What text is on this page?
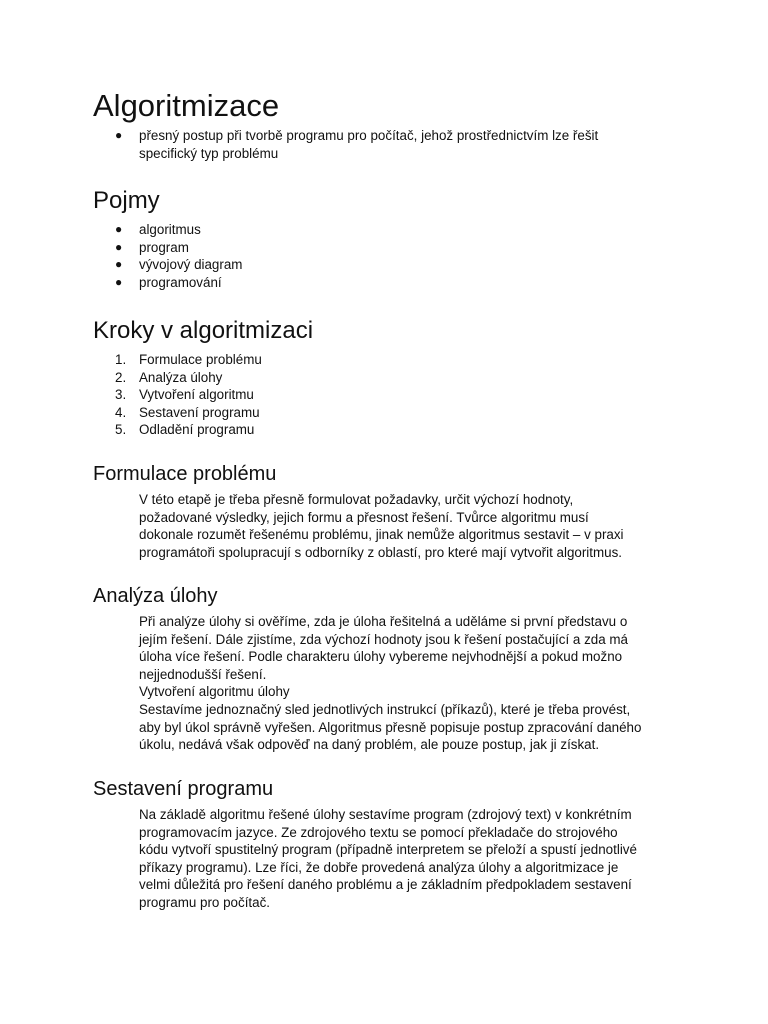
Algoritmizace
● přesný postup při tvorbě programu pro počítač, jehož prostřednictvím lze řešit
specifický typ problému
Pojmy
● algoritmus
● program
● vývojový diagram
● programování
Kroky v algoritmizaci
1. Formulace problému
2. Analýza úlohy
3. Vytvoření algoritmu
4. Sestavení programu
5. Odladění programu
Formulace problému

V této etapě je třeba přesně formulovat požadavky, určit výchozí hodnoty,
požadované výsledky, jejich formu a přesnost řešení. Tvůrce algoritmu musí
dokonale rozumět řešenému problému, jinak nemůže algoritmus sestavit – v praxi
programátoři spolupracují s odborníky z oblastí, pro které mají vytvořit algoritmus.

Analýza úlohy

Při analýze úlohy si ověříme, zda je úloha řešitelná a uděláme si první představu o
jejím řešení. Dále zjistíme, zda výchozí hodnoty jsou k řešení postačující a zda má
úloha více řešení. Podle charakteru úlohy vybereme nejvhodnější a pokud možno
nejjednodušší řešení.
Vytvoření algoritmu úlohy
Sestavíme jednoznačný sled jednotlivých instrukcí (příkazů), které je třeba provést,
aby byl úkol správně vyřešen. Algoritmus přesně popisuje postup zpracování daného
úkolu, nedává však odpověď na daný problém, ale pouze postup, jak ji získat.

Sestavení programu

Na základě algoritmu řešené úlohy sestavíme program (zdrojový text) v konkrétním
programovacím jazyce. Ze zdrojového textu se pomocí překladače do strojového
kódu vytvoří spustitelný program (případně interpretem se přeloží a spustí jednotlivé
příkazy programu). Lze říci, že dobře provedená analýza úlohy a algoritmizace je
velmi důležitá pro řešení daného problému a je základním předpokladem sestavení
programu pro počítač.
